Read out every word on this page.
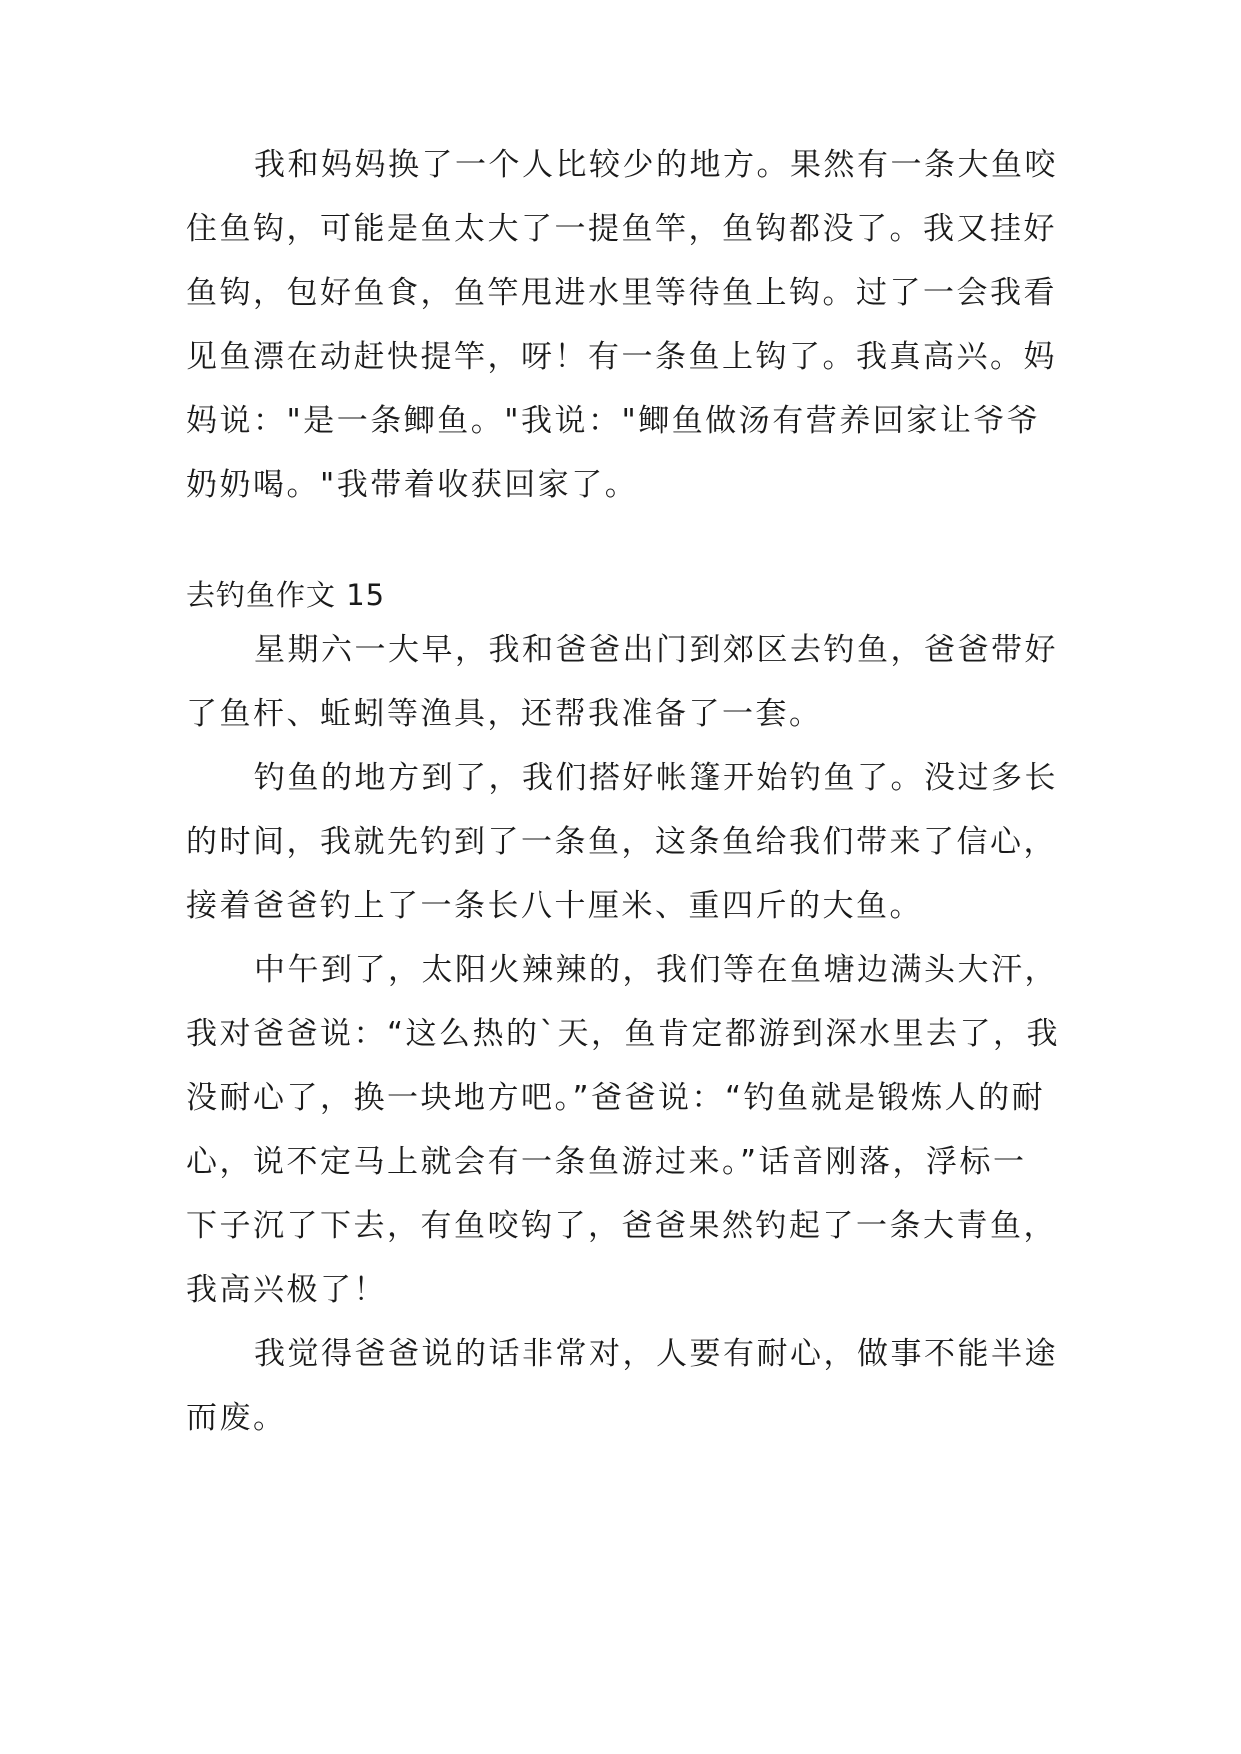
我和妈妈换了一个人比较少的地方。果然有一条大鱼咬
住鱼钩，可能是鱼太大了一提鱼竿，鱼钩都没了。我又挂好
鱼钩，包好鱼食，鱼竿甩进水里等待鱼上钩。过了一会我看
见鱼漂在动赶快提竿，呀！有一条鱼上钩了。我真高兴。妈
妈说："是一条鲫鱼。"我说："鲫鱼做汤有营养回家让爷爷
奶奶喝。"我带着收获回家了。
去钓鱼作文 15
星期六一大早，我和爸爸出门到郊区去钓鱼，爸爸带好
了鱼杆、蚯蚓等渔具，还帮我准备了一套。
钓鱼的地方到了，我们搭好帐篷开始钓鱼了。没过多长
的时间，我就先钓到了一条鱼，这条鱼给我们带来了信心，
接着爸爸钓上了一条长八十厘米、重四斤的大鱼。
中午到了，太阳火辣辣的，我们等在鱼塘边满头大汗，
我对爸爸说：“这么热的`天，鱼肯定都游到深水里去了，我
没耐心了，换一块地方吧。”爸爸说：“钓鱼就是锻炼人的耐
心，说不定马上就会有一条鱼游过来。”话音刚落，浮标一
下子沉了下去，有鱼咬钩了，爸爸果然钓起了一条大青鱼，
我高兴极了！
我觉得爸爸说的话非常对，人要有耐心，做事不能半途
而废。
